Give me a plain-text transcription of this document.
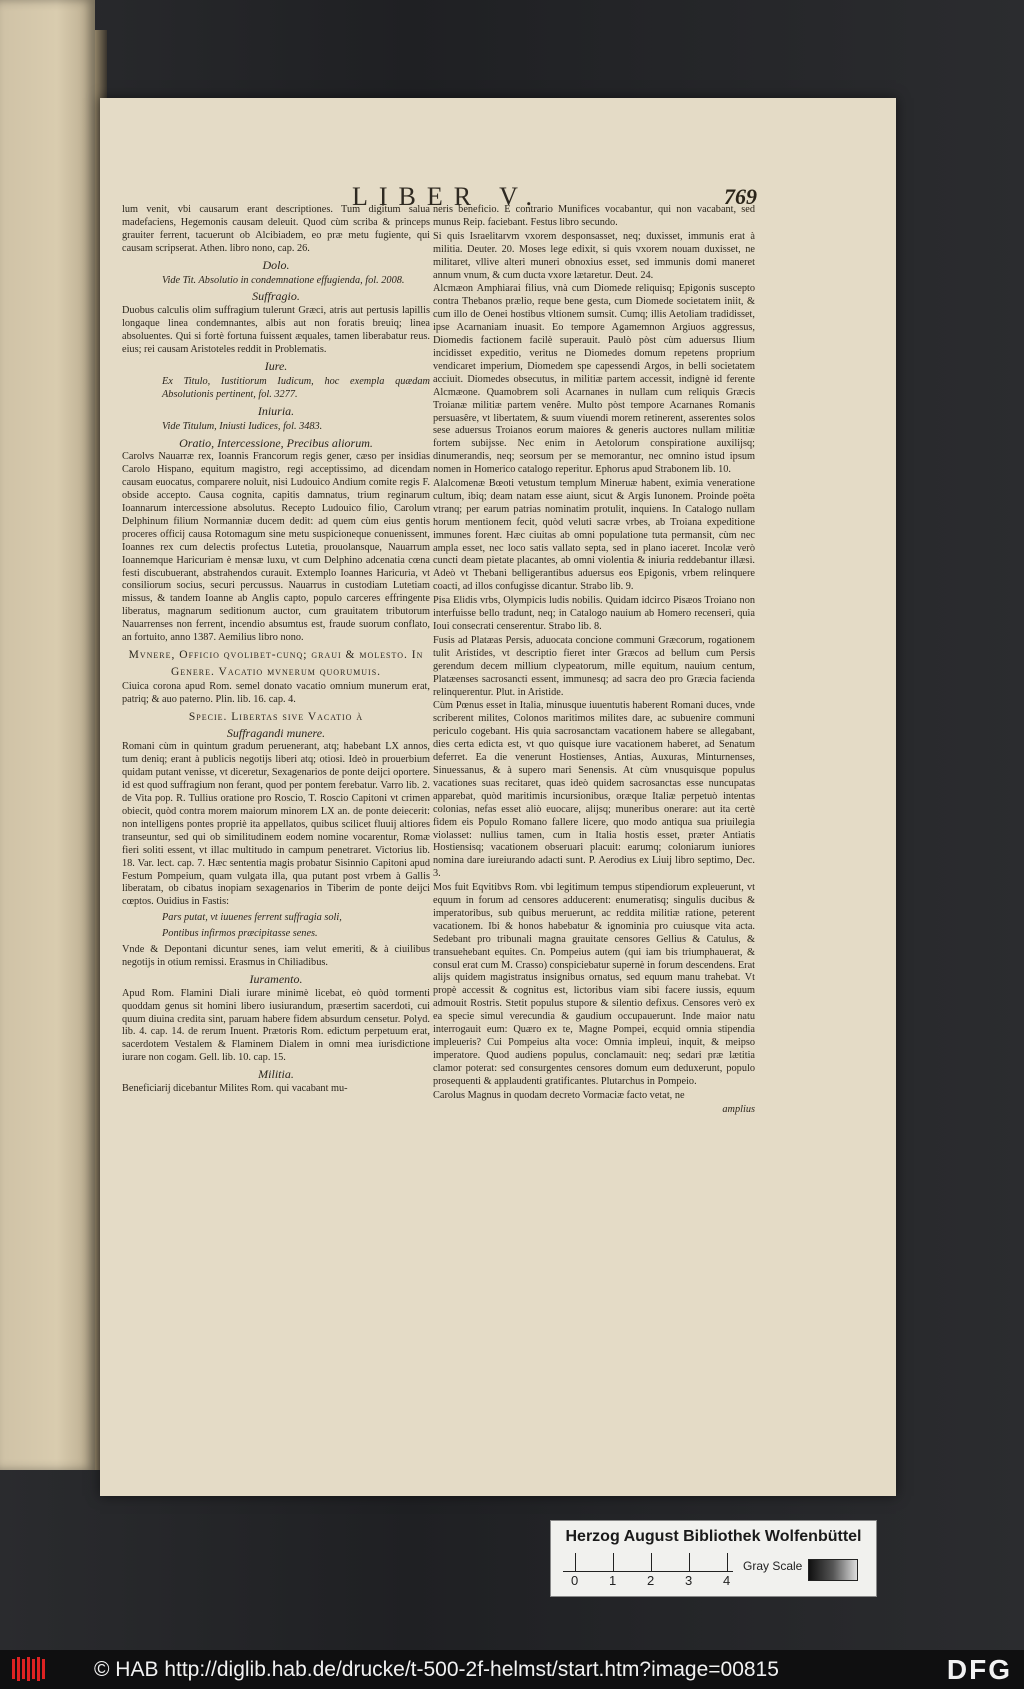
LIBER V.	769
lum venit, vbi causarum erant descriptiones. Tum digitum salua madefaciens, Hegemonis causam deleuit. Quod cùm scriba & princeps grauiter ferrent, tacuerunt ob Alcibiadem, eo præ metu fugiente, qui causam scripserat. Athen. libro nono, cap. 26.
Dolo.
Vide Tit. Absolutio in condemnatione effugienda, fol. 2008.
Suffragio.
Duobus calculis olim suffragium tulerunt Græci, atris aut pertusis lapillis longaque linea condemnantes, albis aut non foratis breuiq; linea absoluentes. Qui si fortè fortuna fuissent æquales, tamen liberabatur reus. eius; rei causam Aristoteles reddit in Problematis.
Iure.
Ex Titulo, Iustitiorum Iudicum, hoc exempla quædam Absolutionis pertinent, fol. 3277.
Iniuria.
Vide Titulum, Iniusti Iudices, fol. 3483.
Oratio, Intercessione, Precibus aliorum.
Carolvs Nauarræ rex, Ioannis Francorum regis gener, cæso per insidias Carolo Hispano, equitum magistro, regi acceptissimo, ad dicendam causam euocatus, comparere noluit, nisi Ludouico Andium comite regis F. obside accepto. Causa cognita, capitis damnatus, trium reginarum Ioannarum intercessione absolutus. Recepto Ludouico filio, Carolum Delphinum filium Normanniæ ducem dedit: ad quem cùm eius gentis proceres officij causa Rotomagum sine metu suspicioneque conuenissent, Ioannes rex cum delectis profectus Lutetia, prouolansque, Nauarrum Ioannemque Haricuriam è mensæ luxu, vt cum Delphino adcenatia cœna festi discubuerant, abstrahendos curauit. Extemplo Ioannes Haricuria, vt consiliorum socius, securi percussus. Nauarrus in custodiam Lutetiam missus, & tandem Ioanne ab Anglis capto, populo carceres effringente liberatus, magnarum seditionum auctor, cum grauitatem tributorum Nauarrenses non ferrent, incendio absumtus est, fraude suorum conflato, an fortuito, anno 1387. Aemilius libro nono.
Mvnere, Officio qvolibet-cunq; graui & molesto. In
Genere. Vacatio mvnerum quorumuis.
Ciuica corona apud Rom. semel donato vacatio omnium munerum erat, patriq; & auo paterno. Plin. lib. 16. cap. 4.
Specie. Libertas sive Vacatio à
Suffragandi munere.
Romani cùm in quintum gradum peruenerant, atq; habebant LX annos, tum deniq; erant à publicis negotijs liberi atq; otiosi. Ideò in prouerbium quidam putant venisse, vt diceretur, Sexagenarios de ponte deijci oportere. id est quod suffragium non ferant, quod per pontem ferebatur. Varro lib. 2. de Vita pop. R. Tullius oratione pro Roscio, T. Roscio Capitoni vt crimen obiecit, quòd contra morem maiorum minorem LX an. de ponte deiecerit: non intelligens pontes propriè ita appellatos, quibus scilicet fluuij altiores transeuntur, sed qui ob similitudinem eodem nomine vocarentur, Romæ fieri soliti essent, vt illac multitudo in campum penetraret. Victorius lib. 18. Var. lect. cap. 7. Hæc sententia magis probatur Sisinnio Capitoni apud Festum Pompeium, quam vulgata illa, qua putant post vrbem à Gallis liberatam, ob cibatus inopiam sexagenarios in Tiberim de ponte deijci cœptos. Ouidius in Fastis:
Pars putat, vt iuuenes ferrent suffragia soli,
Pontibus infirmos præcipitasse senes.
Vnde & Depontani dicuntur senes, iam velut emeriti, & à ciuilibus negotijs in otium remissi. Erasmus in Chiliadibus.
Iuramento.
Apud Rom. Flamini Diali iurare minimè licebat, eò quòd tormenti quoddam genus sit homini libero iusiurandum, præsertim sacerdoti, cui quum diuina credita sint, paruam habere fidem absurdum censetur. Polyd. lib. 4. cap. 14. de rerum Inuent. Prætoris Rom. edictum perpetuum erat, sacerdotem Vestalem & Flaminem Dialem in omni mea iurisdictione iurare non cogam. Gell. lib. 10. cap. 15.
Militia.
Beneficiarij dicebantur Milites Rom. qui vacabant mu-
neris beneficio. E contrario Munifices vocabantur, qui non vacabant, sed munus Reip. faciebant. Festus libro secundo.
Si quis Israelitarvm vxorem desponsasset, neq; duxisset, immunis erat à militia. Deuter. 20. Moses lege edixit, si quis vxorem nouam duxisset, ne militaret, vllive alteri muneri obnoxius esset, sed immunis domi maneret annum vnum, & cum ducta vxore lætaretur. Deut. 24.
Alcmæon Amphiarai filius, vnà cum Diomede reliquisq; Epigonis suscepto contra Thebanos prælio, reque bene gesta, cum Diomede societatem iniit, & cum illo de Oenei hostibus vltionem sumsit. Cumq; illis Aetoliam tradidisset, ipse Acarnaniam inuasit. Eo tempore Agamemnon Argiuos aggressus, Diomedis factionem facilè superauit. Paulò pòst cùm aduersus Ilium incidisset expeditio, veritus ne Diomedes domum repetens proprium vendicaret imperium, Diomedem spe capessendi Argos, in belli societatem acciuit. Diomedes obsecutus, in militiæ partem accessit, indignè id ferente Alcmæone. Quamobrem soli Acarnanes in nullam cum reliquis Græcis Troianæ militiæ partem venêre. Multo pòst tempore Acarnanes Romanis persuasêre, vt libertatem, & suum viuendi morem retinerent, asserentes solos sese aduersus Troianos eorum maiores & generis auctores nullam militiæ fortem subijsse. Nec enim in Aetolorum conspiratione auxilijsq; dinumerandis, neq; seorsum per se memorantur, nec omnino istud ipsum nomen in Homerico catalogo reperitur. Ephorus apud Strabonem lib. 10.
Alalcomenæ Bœoti vetustum templum Mineruæ habent, eximia veneratione cultum, ibiq; deam natam esse aiunt, sicut & Argis Iunonem. Proinde poëta vtranq; per earum patrias nominatim protulit, inquiens. In Catalogo nullam horum mentionem fecit, quòd veluti sacræ vrbes, ab Troiana expeditione immunes forent. Hæc ciuitas ab omni populatione tuta permansit, cùm nec ampla esset, nec loco satis vallato septa, sed in plano iaceret. Incolæ verò cuncti deam pietate placantes, ab omni violentia & iniuria reddebantur illæsi. Adeò vt Thebani belligerantibus aduersus eos Epigonis, vrbem relinquere coacti, ad illos confugisse dicantur. Strabo lib. 9.
Pisa Elidis vrbs, Olympicis ludis nobilis. Quidam idcirco Pisæos Troiano non interfuisse bello tradunt, neq; in Catalogo nauium ab Homero recenseri, quia Ioui consecrati censerentur. Strabo lib. 8.
Fusis ad Platæas Persis, aduocata concione communi Græcorum, rogationem tulit Aristides, vt descriptio fieret inter Græcos ad bellum cum Persis gerendum decem millium clypeatorum, mille equitum, nauium centum, Platæenses sacrosancti essent, immunesq; ad sacra deo pro Græcia facienda relinquerentur. Plut. in Aristide.
Cùm Pœnus esset in Italia, minusque iuuentutis haberent Romani duces, vnde scriberent milites, Colonos maritimos milites dare, ac subuenire communi periculo cogebant. His quia sacrosanctam vacationem habere se allegabant, dies certa edicta est, vt quo quisque iure vacationem haberet, ad Senatum deferret. Ea die venerunt Hostienses, Antias, Auxuras, Minturnenses, Sinuessanus, & à supero mari Senensis. At cùm vnusquisque populus vacationes suas recitaret, quas ideò quidem sacrosanctas esse nuncupatas apparebat, quòd maritimis incursionibus, oræque Italiæ perpetuò intentas colonias, nefas esset aliò euocare, alijsq; muneribus onerare: aut ita certè fidem eis Populo Romano fallere licere, quo modo antiqua sua priuilegia violasset: nullius tamen, cum in Italia hostis esset, præter Antiatis Hostiensisq; vacationem obseruari placuit: earumq; coloniarum iuniores nomina dare iureiurando adacti sunt. P. Aerodius ex Liuij libro septimo, Dec. 3.
Mos fuit Eqvitibvs Rom. vbi legitimum tempus stipendiorum expleuerunt, vt equum in forum ad censores adducerent: enumeratisq; singulis ducibus & imperatoribus, sub quibus meruerunt, ac reddita militiæ ratione, peterent vacationem. Ibi & honos habebatur & ignominia pro cuiusque vita acta. Sedebant pro tribunali magna grauitate censores Gellius & Catulus, & transuehebant equites. Cn. Pompeius autem (qui iam bis triumphauerat, & consul erat cum M. Crasso) conspiciebatur supernè in forum descendens. Erat alijs quidem magistratus insignibus ornatus, sed equum manu trahebat. Vt propè accessit & cognitus est, lictoribus viam sibi facere iussis, equum admouit Rostris. Stetit populus stupore & silentio defixus. Censores verò ex ea specie simul verecundia & gaudium occupauerunt. Inde maior natu interrogauit eum: Quæro ex te, Magne Pompei, ecquid omnia stipendia impleueris? Cui Pompeius alta voce: Omnia impleui, inquit, & meipso imperatore. Quod audiens populus, conclamauit: neq; sedari præ lætitia clamor poterat: sed consurgentes censores domum eum deduxerunt, populo prosequenti & applaudenti gratificantes. Plutarchus in Pompeio.
Carolus Magnus in quodam decreto Vormaciæ facto vetat, ne
amplius
Herzog August Bibliothek Wolfenbüttel
0 1 2 3 4
Gray Scale
© HAB http://diglib.hab.de/drucke/t-500-2f-helmst/start.htm?image=00815	DFG
